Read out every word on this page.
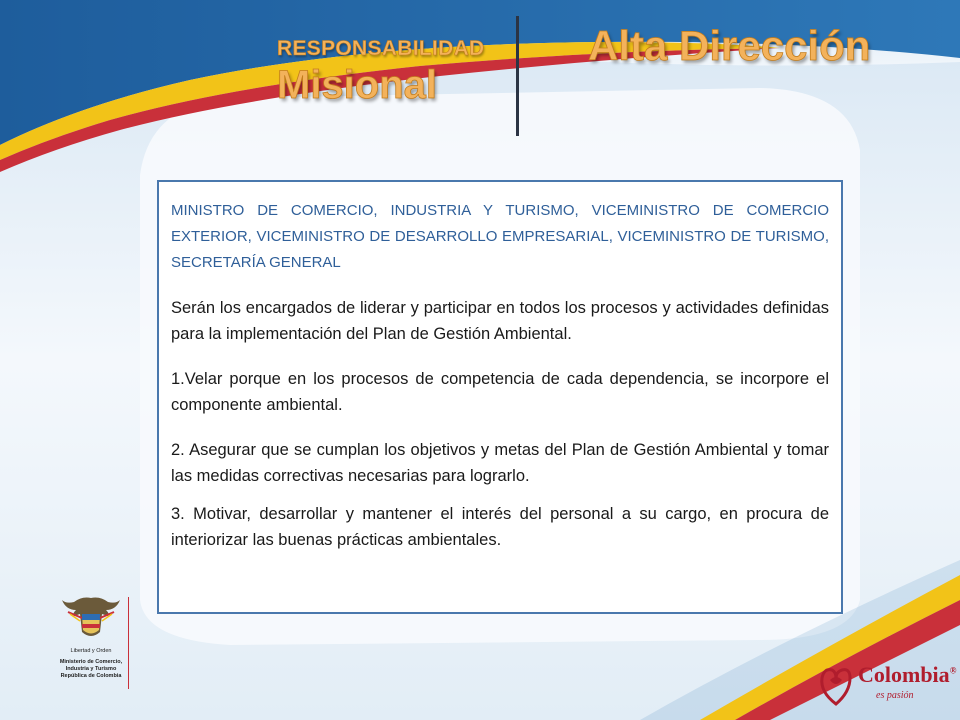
RESPONSABILIDAD
Misional
Alta Dirección

MINISTRO DE COMERCIO, INDUSTRIA Y TURISMO, VICEMINISTRO DE COMERCIO EXTERIOR, VICEMINISTRO DE DESARROLLO EMPRESARIAL, VICEMINISTRO DE TURISMO, SECRETARÍA GENERAL

Serán los encargados de liderar y participar en todos los procesos y actividades definidas para la implementación del Plan de Gestión Ambiental.

1.Velar porque en los procesos de competencia de cada dependencia, se incorpore el componente ambiental.

2. Asegurar que se cumplan los objetivos y metas del Plan de Gestión Ambiental y tomar las medidas correctivas necesarias para lograrlo.

3. Motivar, desarrollar y mantener el interés del personal a su cargo, en procura de interiorizar las buenas prácticas ambientales.

Libertad y Orden
Ministerio de Comercio,
Industria y Turismo
República de Colombia	Colombia®
es pasión
